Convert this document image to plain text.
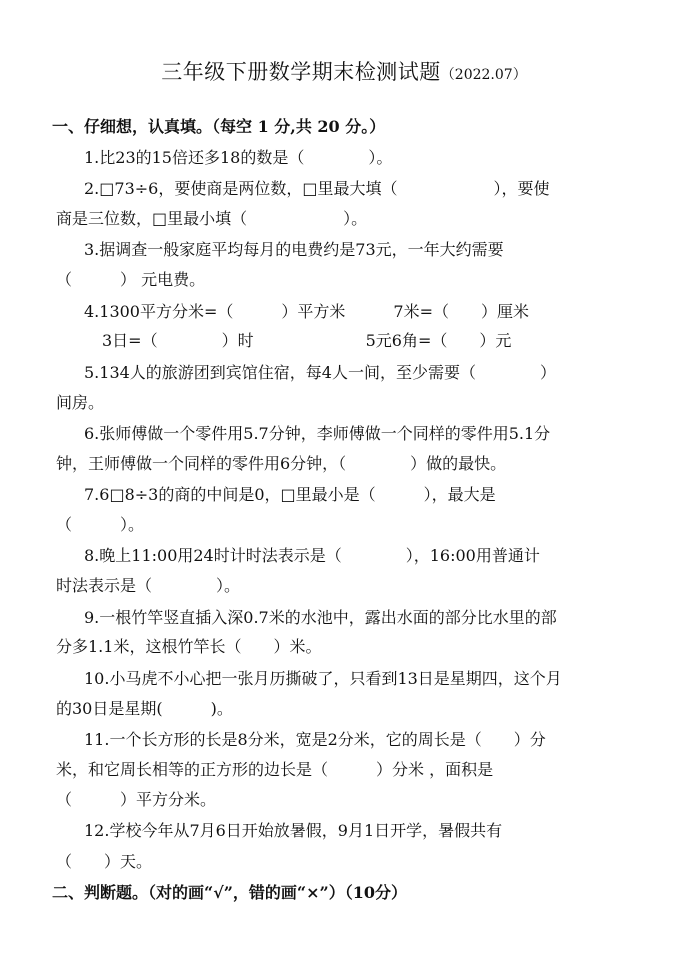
三年级下册数学期末检测试题（2022.07）
一、仔细想，认真填。（每空 1 分,共 20 分。）
1.比23的15倍还多18的数是（　　　　）。
2.□73÷6，要使商是两位数，□里最大填（　　　　　　），要使
商是三位数，□里最小填（　　　　　　）。
3.据调查一般家庭平均每月的电费约是73元，一年大约需要
（　　　） 元电费。
4.1300平方分米=（　　　）平方米　　　7米=（　　）厘米
3日=（　　　　）时　　　　　　　5元6角=（　　）元
5.134人的旅游团到宾馆住宿，每4人一间，至少需要（　　　　）
间房。
6.张师傅做一个零件用5.7分钟，李师傅做一个同样的零件用5.1分
钟，王师傅做一个同样的零件用6分钟，（　　　　）做的最快。
7.6□8÷3的商的中间是0，□里最小是（　　　），最大是
（　　　）。
8.晚上11:00用24时计时法表示是（　　　　），16:00用普通计
时法表示是（　　　　）。
9.一根竹竿竖直插入深0.7米的水池中，露出水面的部分比水里的部
分多1.1米，这根竹竿长（　　）米。
10.小马虎不小心把一张月历撕破了，只看到13日是星期四，这个月
的30日是星期(　　　)。
11.一个长方形的长是8分米，宽是2分米，它的周长是（　　）分
米，和它周长相等的正方形的边长是（　　　）分米 ，面积是
（　　　）平方分米。
12.学校今年从7月6日开始放暑假，9月1日开学，暑假共有
（　　）天。
二、判断题。（对的画“√”，错的画“×”）（10分）
